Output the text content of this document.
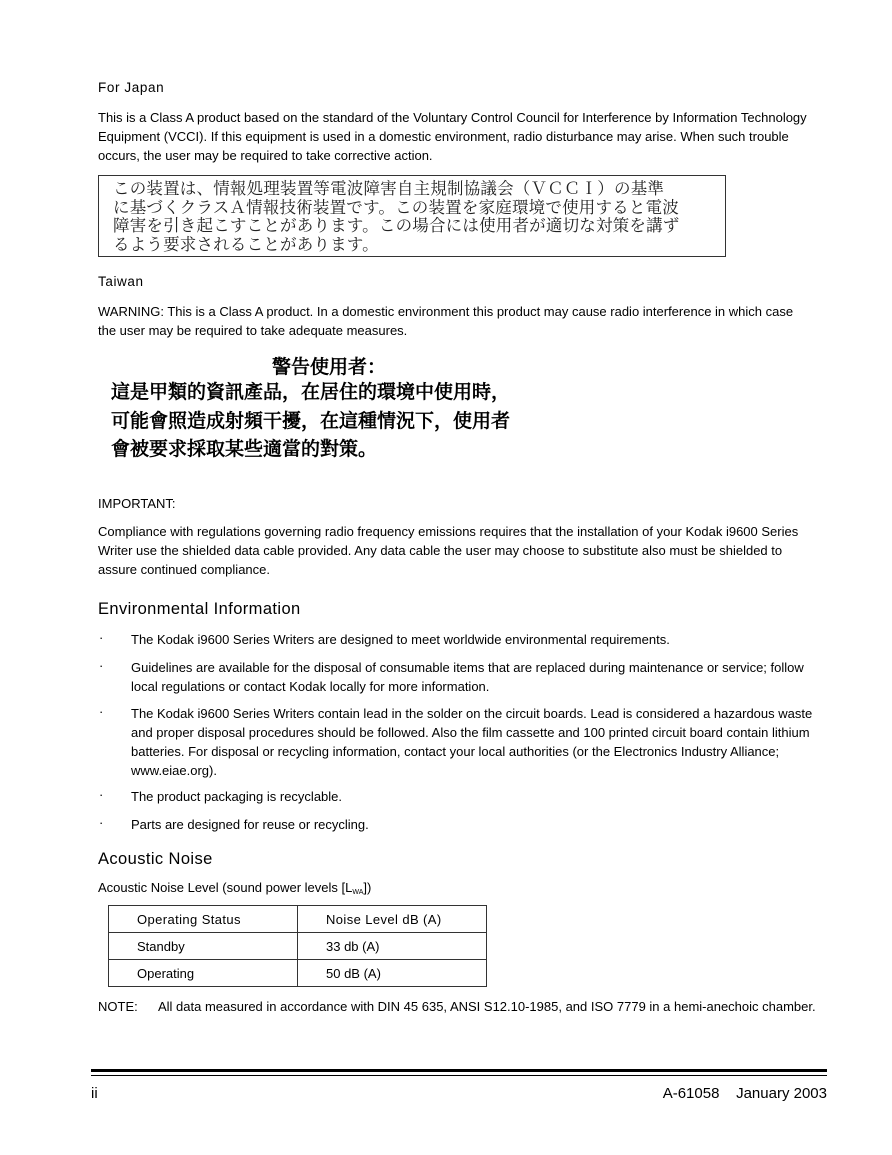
For Japan
This is a Class A product based on the standard of the Voluntary Control Council for Interference by Information Technology Equipment (VCCI). If this equipment is used in a domestic environment, radio disturbance may arise. When such trouble occurs, the user may be required to take corrective action.
この装置は、情報処理装置等電波障害自主規制協議会（ＶＣＣＩ）の基準
に基づくクラスＡ情報技術装置です。この装置を家庭環境で使用すると電波
障害を引き起こすことがあります。この場合には使用者が適切な対策を講ず
るよう要求されることがあります。
Taiwan
WARNING: This is a Class A product. In a domestic environment this product may cause radio interference in which case the user may be required to take adequate measures.
警告使用者：
這是甲類的資訊產品，在居住的環境中使用時，
可能會照造成射頻干擾，在這種情況下，使用者
會被要求採取某些適當的對策。
IMPORTANT:
Compliance with regulations governing radio frequency emissions requires that the installation of your Kodak i9600 Series Writer use the shielded data cable provided. Any data cable the user may choose to substitute also must be shielded to assure continued compliance.
Environmental Information
· The Kodak i9600 Series Writers are designed to meet worldwide environmental requirements.
· Guidelines are available for the disposal of consumable items that are replaced during maintenance or service; follow local regulations or contact Kodak locally for more information.
· The Kodak i9600 Series Writers contain lead in the solder on the circuit boards. Lead is considered a hazardous waste and proper disposal procedures should be followed. Also the film cassette and 100 printed circuit board contain lithium batteries. For disposal or recycling information, contact your local authorities (or the Electronics Industry Alliance; www.eiae.org).
· The product packaging is recyclable.
· Parts are designed for reuse or recycling.
Acoustic Noise
Acoustic Noise Level (sound power levels $[L_{WA}]$)
Operating Status	Noise Level dB (A)
Standby	33 db (A)
Operating	50 dB (A)
NOTE: All data measured in accordance with DIN 45 635, ANSI S12.10-1985, and ISO 7779 in a hemi-anechoic chamber.
ii	A-61058 January 2003
